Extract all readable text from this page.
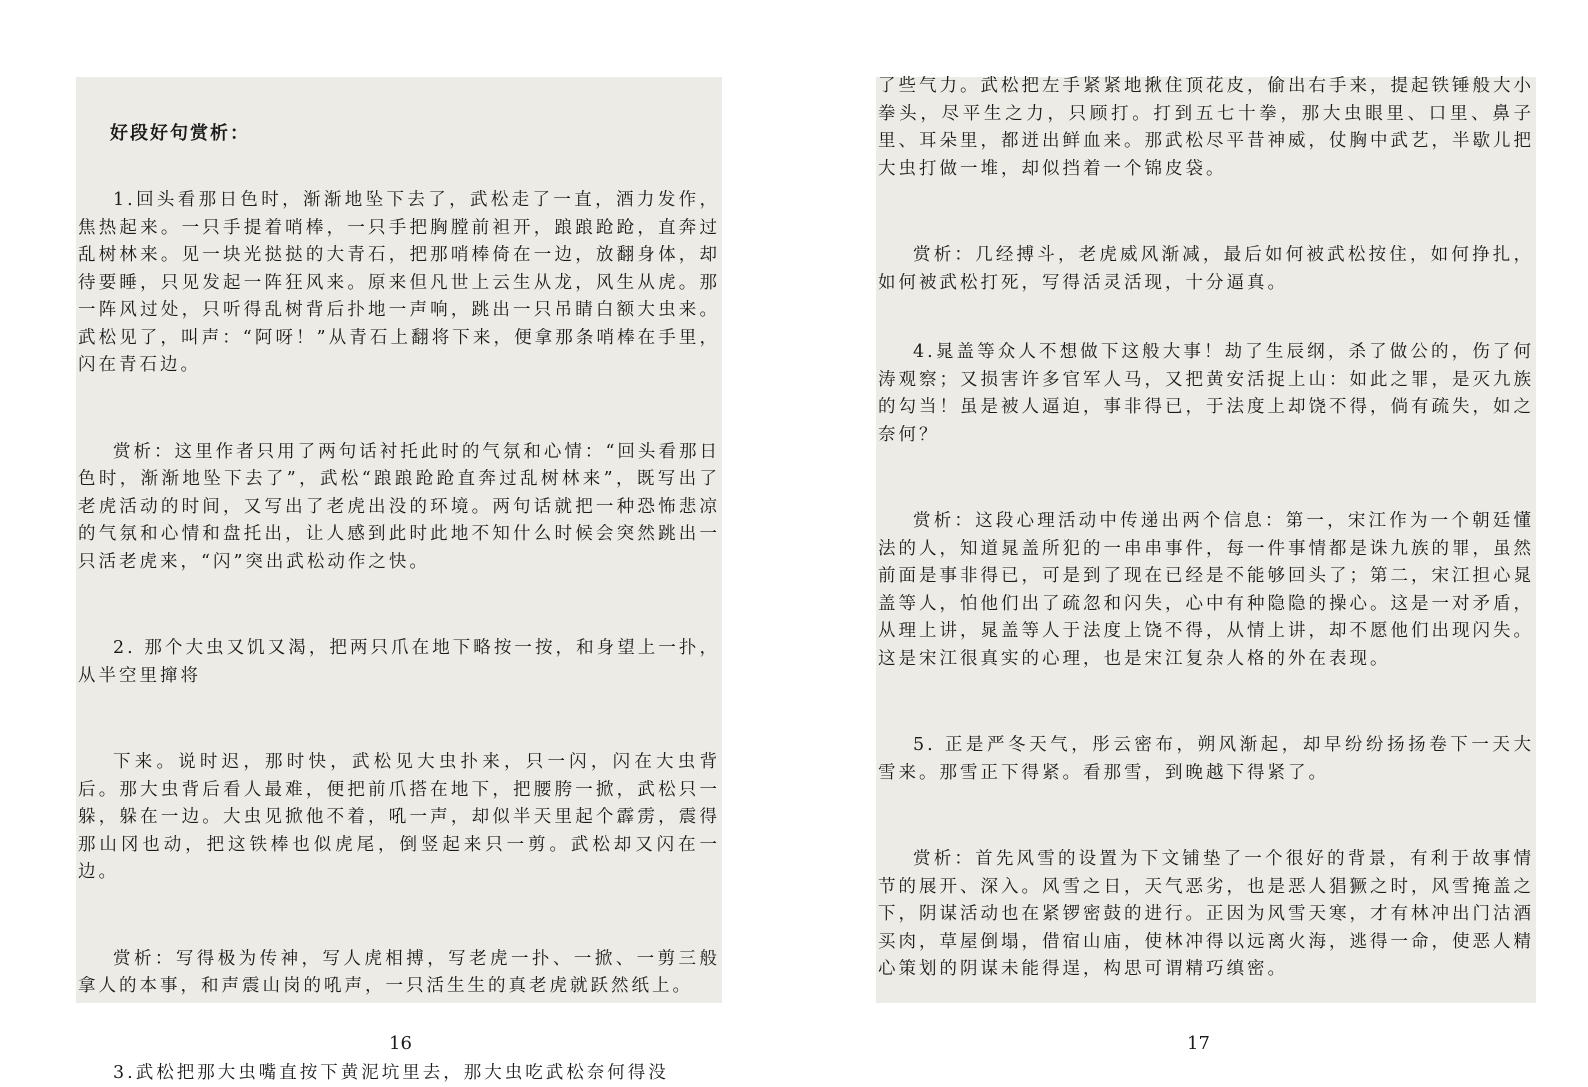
好段好句赏析：

1.回头看那日色时，渐渐地坠下去了，武松走了一直，酒力发作，焦热起来。一只手提着哨棒，一只手把胸膛前袒开，踉踉跄跄，直奔过乱树林来。见一块光挞挞的大青石，把那哨棒倚在一边，放翻身体，却待要睡，只见发起一阵狂风来。原来但凡世上云生从龙，风生从虎。那一阵风过处，只听得乱树背后扑地一声响，跳出一只吊睛白额大虫来。武松见了，叫声：“阿呀！”从青石上翻将下来，便拿那条哨棒在手里，闪在青石边。

赏析：这里作者只用了两句话衬托此时的气氛和心情：“回头看那日色时，渐渐地坠下去了”，武松“踉踉跄跄直奔过乱树林来”，既写出了老虎活动的时间，又写出了老虎出没的环境。两句话就把一种恐怖悲凉的气氛和心情和盘托出，让人感到此时此地不知什么时候会突然跳出一只活老虎来，“闪”突出武松动作之快。

2. 那个大虫又饥又渴，把两只爪在地下略按一按，和身望上一扑，从半空里撺将

下来。说时迟，那时快，武松见大虫扑来，只一闪，闪在大虫背后。那大虫背后看人最难，便把前爪搭在地下，把腰胯一掀，武松只一躲，躲在一边。大虫见掀他不着，吼一声，却似半天里起个霹雳，震得那山冈也动，把这铁棒也似虎尾，倒竖起来只一剪。武松却又闪在一边。

赏析：写得极为传神，写人虎相搏，写老虎一扑、一掀、一剪三般拿人的本事，和声震山岗的吼声，一只活生生的真老虎就跃然纸上。

3.武松把那大虫嘴直按下黄泥坑里去，那大虫吃武松奈何得没

16

了些气力。武松把左手紧紧地揪住顶花皮，偷出右手来，提起铁锤般大小拳头，尽平生之力，只顾打。打到五七十拳，那大虫眼里、口里、鼻子里、耳朵里，都迸出鲜血来。那武松尽平昔神威，仗胸中武艺，半歇儿把大虫打做一堆，却似挡着一个锦皮袋。

赏析：几经搏斗，老虎威风渐减，最后如何被武松按住，如何挣扎，如何被武松打死，写得活灵活现，十分逼真。

4.晁盖等众人不想做下这般大事！劫了生辰纲，杀了做公的，伤了何涛观察；又损害许多官军人马，又把黄安活捉上山：如此之罪，是灭九族的勾当！虽是被人逼迫，事非得已，于法度上却饶不得，倘有疏失，如之奈何？

赏析：这段心理活动中传递出两个信息：第一，宋江作为一个朝廷懂法的人，知道晁盖所犯的一串串事件，每一件事情都是诛九族的罪，虽然前面是事非得已，可是到了现在已经是不能够回头了；第二，宋江担心晁盖等人，怕他们出了疏忽和闪失，心中有种隐隐的操心。这是一对矛盾，从理上讲，晁盖等人于法度上饶不得，从情上讲，却不愿他们出现闪失。这是宋江很真实的心理，也是宋江复杂人格的外在表现。

5. 正是严冬天气，彤云密布，朔风渐起，却早纷纷扬扬卷下一天大雪来。那雪正下得紧。看那雪，到晚越下得紧了。

赏析：首先风雪的设置为下文铺垫了一个很好的背景，有利于故事情节的展开、深入。风雪之日，天气恶劣，也是恶人猖獗之时，风雪掩盖之下，阴谋活动也在紧锣密鼓的进行。正因为风雪天寒，才有林冲出门沽酒买肉，草屋倒塌，借宿山庙，使林冲得以远离火海，逃得一命，使恶人精心策划的阴谋未能得逞，构思可谓精巧缜密。

17
